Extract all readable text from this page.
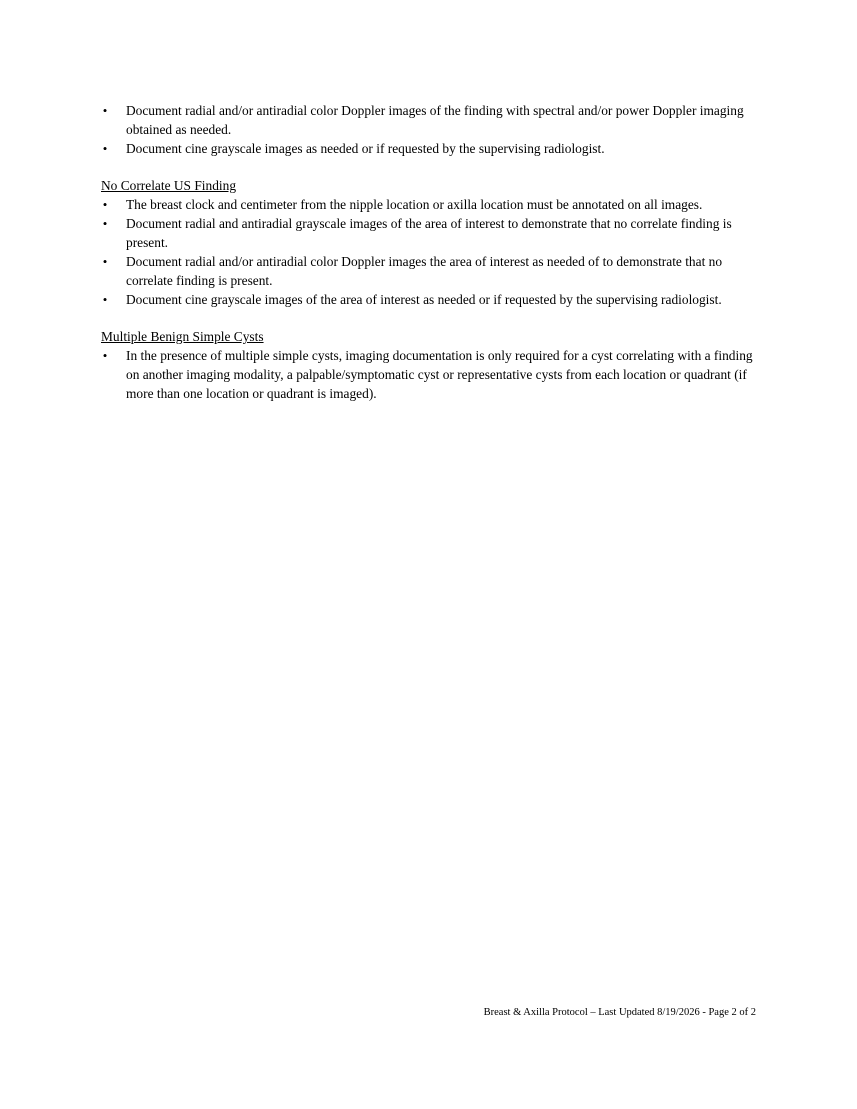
• Document radial and/or antiradial color Doppler images of the finding with spectral and/or power Doppler imaging obtained as needed.
• Document cine grayscale images as needed or if requested by the supervising radiologist.
No Correlate US Finding
• The breast clock and centimeter from the nipple location or axilla location must be annotated on all images.
• Document radial and antiradial grayscale images of the area of interest to demonstrate that no correlate finding is present.
• Document radial and/or antiradial color Doppler images the area of interest as needed of to demonstrate that no correlate finding is present.
• Document cine grayscale images of the area of interest as needed or if requested by the supervising radiologist.
Multiple Benign Simple Cysts
• In the presence of multiple simple cysts, imaging documentation is only required for a cyst correlating with a finding on another imaging modality, a palpable/symptomatic cyst or representative cysts from each location or quadrant (if more than one location or quadrant is imaged).
Breast & Axilla Protocol – Last Updated 8/19/2026 - Page 2 of 2
